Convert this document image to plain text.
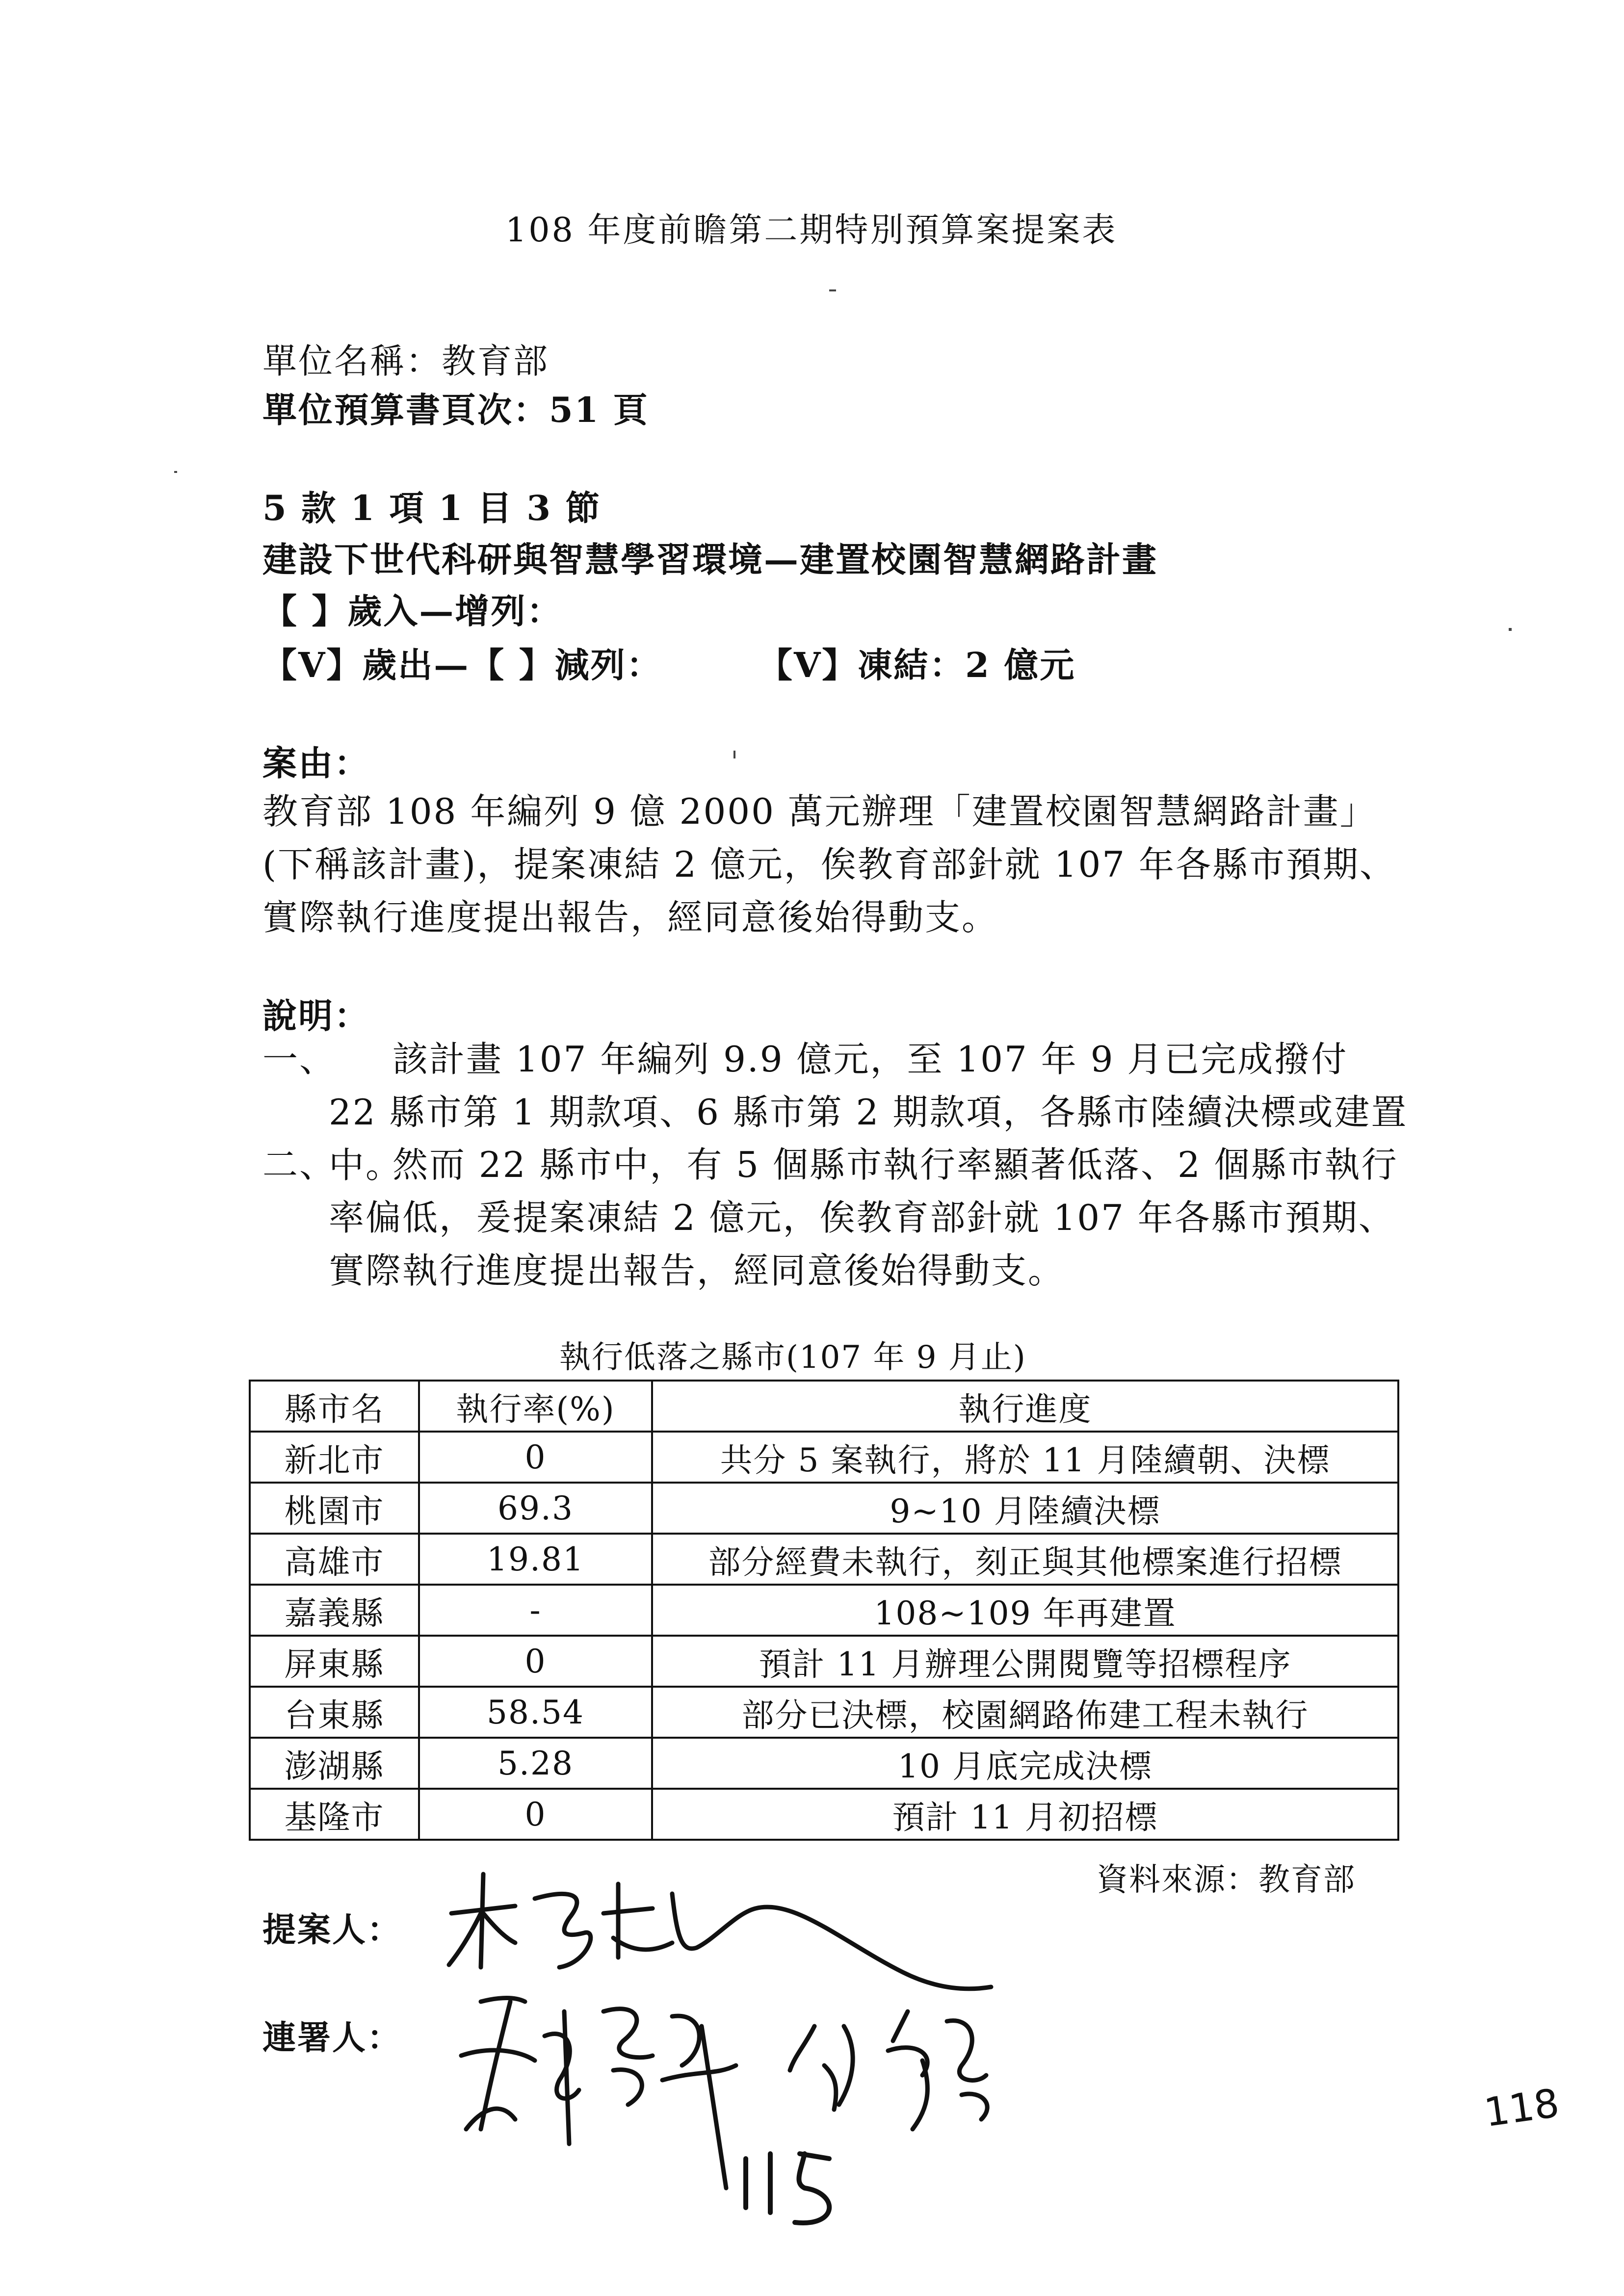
108 年度前瞻第二期特別預算案提案表
單位名稱：教育部
單位預算書頁次：51 頁
5 款 1 項 1 目 3 節
建設下世代科研與智慧學習環境—建置校園智慧網路計畫
【 】歲入—增列：
【V】歲出—【 】減列：	【V】凍結：2 億元
案由：
教育部 108 年編列 9 億 2000 萬元辦理「建置校園智慧網路計畫」(下稱該計畫)，提案凍結 2 億元，俟教育部針就 107 年各縣市預期、實際執行進度提出報告，經同意後始得動支。
說明：
一、	該計畫 107 年編列 9.9 億元，至 107 年 9 月已完成撥付 22 縣市第 1 期款項、6 縣市第 2 期款項，各縣市陸續決標或建置中。
二、	然而 22 縣市中，有 5 個縣市執行率顯著低落、2 個縣市執行率偏低，爰提案凍結 2 億元，俟教育部針就 107 年各縣市預期、實際執行進度提出報告，經同意後始得動支。
執行低落之縣市(107 年 9 月止)
縣市名	執行率(%)	執行進度
新北市	0	共分 5 案執行，將於 11 月陸續朝、決標
桃園市	69.3	9~10 月陸續決標
高雄市	19.81	部分經費未執行，刻正與其他標案進行招標
嘉義縣	-	108~109 年再建置
屏東縣	0	預計 11 月辦理公開閱覽等招標程序
台東縣	58.54	部分已決標，校園網路佈建工程未執行
澎湖縣	5.28	10 月底完成決標
基隆市	0	預計 11 月初招標
資料來源：教育部
提案人：
連署人：
118
